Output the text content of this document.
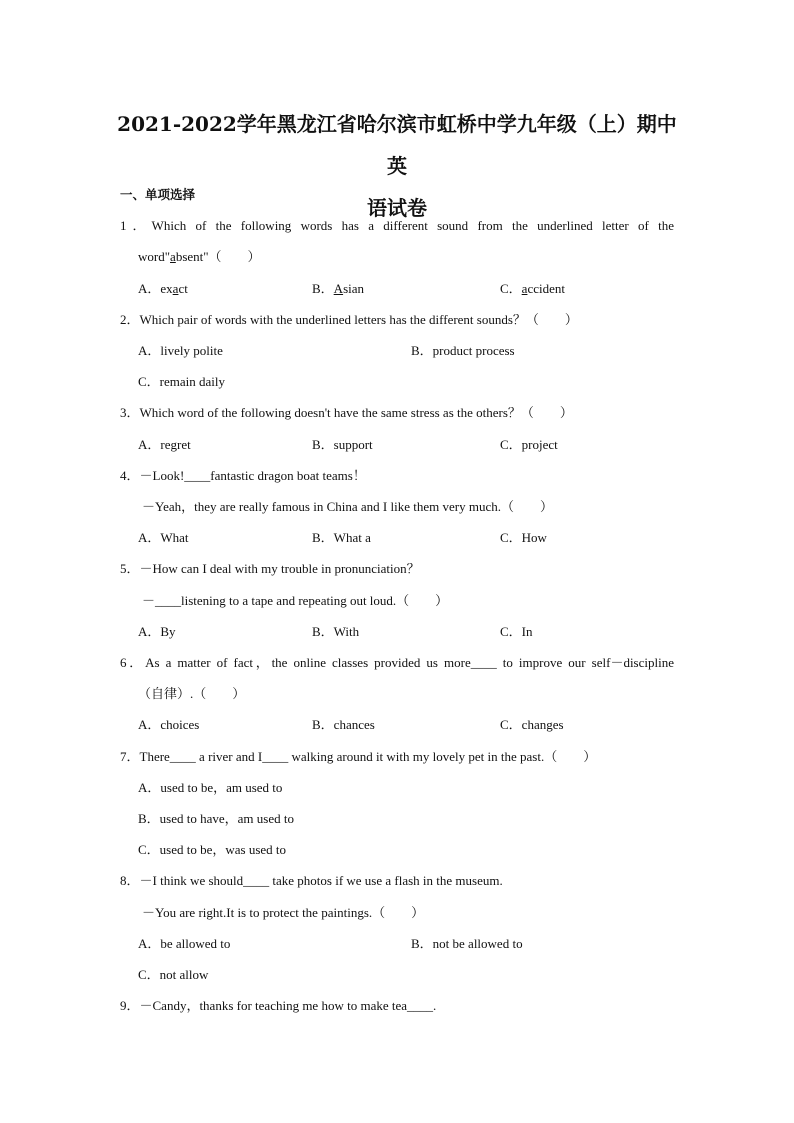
2021-2022学年黑龙江省哈尔滨市虹桥中学九年级（上）期中英
语试卷
一、单项选择
1．Which of the following words has a different sound from the underlined letter of the
word"absent"（　　）
A．exact	B．Asian	C．accident
2．Which pair of words with the underlined letters has the different sounds？（　　）
A．lively polite	B．product process
C．remain daily
3．Which word of the following doesn't have the same stress as the others？（　　）
A．regret	B．support	C．project
4．－Look!____fantastic dragon boat teams！
－Yeah，they are really famous in China and I like them very much.（　　）
A．What	B．What a	C．How
5．－How can I deal with my trouble in pronunciation？
－____listening to a tape and repeating out loud.（　　）
A．By	B．With	C．In
6．As a matter of fact，the online classes provided us more____ to improve our self－discipline
（自律）.（　　）
A．choices	B．chances	C．changes
7．There____ a river and I____ walking around it with my lovely pet in the past.（　　）
A．used to be，am used to
B．used to have，am used to
C．used to be，was used to
8．－I think we should____ take photos if we use a flash in the museum.
－You are right.It is to protect the paintings.（　　）
A．be allowed to	B．not be allowed to
C．not allow
9．－Candy，thanks for teaching me how to make tea____.
